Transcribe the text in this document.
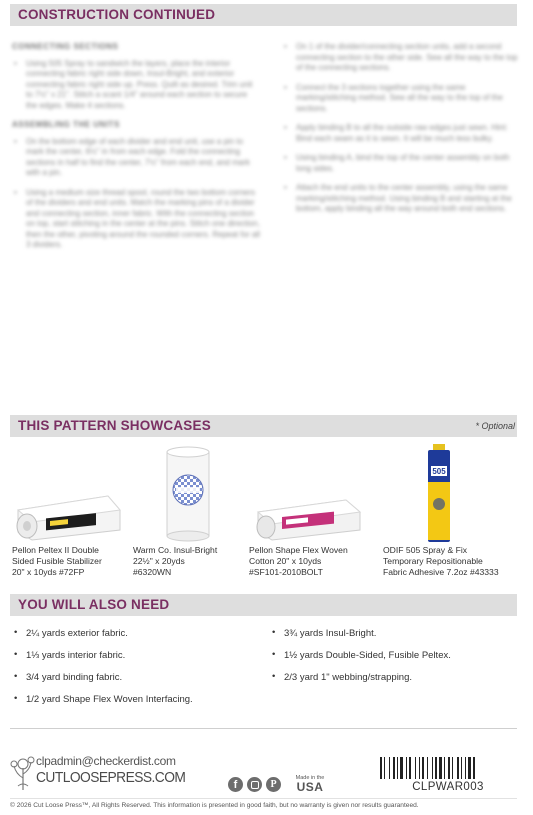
CONSTRUCTION CONTINUED
CONNECTING SECTIONS
• Using 505 Spray to sandwich the layers, place the interior connecting fabric right side down, Insul-Bright, and exterior connecting fabric right side up. Press. Quilt as desired. Trim unit to 7½" x 21". Stitch a scant 1/4" around each section to secure the edges. Make 4 sections.
ASSEMBLING THE UNITS
• On the bottom edge of each divider and end unit, use a pin to mark the center, 6½" in from each edge. Fold the connecting sections in half to find the center, 7½" from each end, and mark with a pin.
• Using a medium size thread spool, round the two bottom corners of the dividers and end units. Match the marking pins of a divider and connecting section, inner fabric. With the connecting section on top, start stitching in the center at the pins. Stitch one direction, then the other, pivoting around the rounded corners. Repeat for all 3 dividers.
• On 1 of the divider/connecting section units, add a second connecting section to the other side. Sew all the way to the top of the connecting sections.
• Connect the 3 sections together using the same marking/stitching method. Sew all the way to the top of the sections.
• Apply binding B to all the outside raw edges just sewn. Hint: Bind each seam as it is sewn. It will be much less bulky.
• Using binding A, bind the top of the center assembly on both long sides.
• Attach the end units to the center assembly, using the same marking/stitching method. Using binding B and starting at the bottom, apply binding all the way around both end sections.
THIS PATTERN SHOWCASES	* Optional
Pellon Peltex II Double
Sided Fusible Stabilizer
20" x 10yds #72FP
Warm Co. Insul-Bright
22½" x 20yds
#6320WN
Pellon Shape Flex Woven
Cotton 20" x 10yds
#SF101-2010BOLT
505
ODIF 505 Spray & Fix
Temporary Repositionable
Fabric Adhesive 7.2oz #43333
YOU WILL ALSO NEED
• 2¼ yards exterior fabric.
• 1⅓ yards interior fabric.
• 3/4 yard binding fabric.
• 1/2 yard Shape Flex Woven Interfacing.
• 3¾ yards Insul-Bright.
• 1½ yards Double-Sided, Fusible Peltex.
• 2/3 yard 1" webbing/strapping.
clpadmin@checkerdist.com
CUTLOOSEPRESS.COM	f	P
Made in the
USA	CLPWAR003
© 2026 Cut Loose Press™, All Rights Reserved. This information is presented in good faith, but no warranty is given nor results guaranteed.
